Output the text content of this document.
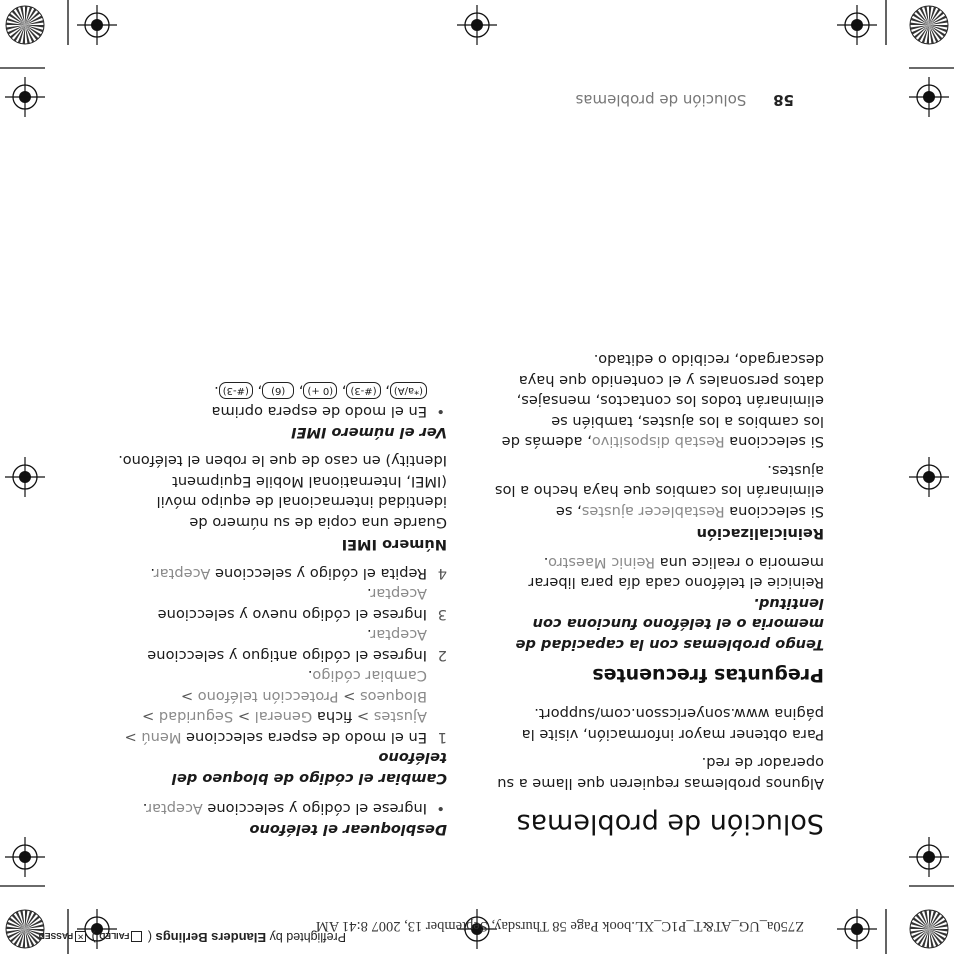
58 Solución de problemas
Solución de problemas

Algunos problemas requieren que llame a su operador de red.

Para obtener mayor información, visite la página www.sonyericsson.com/support.

Preguntas frecuentes

Tengo problemas con la capacidad de memoria o el teléfono funciona con lentitud.

Reinicie el teléfono cada día para liberar memoria o realice una Reinic Maestro.

Reinicialización

Si selecciona Restablecer ajustes, se eliminarán los cambios que haya hecho a los ajustes.

Si selecciona Restab dispositivo, además de los cambios a los ajustes, también se eliminarán todos los contactos, mensajes, datos personales y el contenido que haya descargado, recibido o editado.

Desbloquear el teléfono

• Ingrese el código y seleccione Aceptar.

Cambiar el código de bloqueo del teléfono

1
En el modo de espera seleccione Menú > Ajustes > ficha General > Seguridad > Bloqueos > Protección teléfono > Cambiar código.
2
Ingrese el código antiguo y seleccione Aceptar.
3
Ingrese el código nuevo y seleccione Aceptar.
4
Repita el código y seleccione Aceptar.
Número IMEI

Guarde una copia de su número de identidad internacional de equipo móvil (IMEI, International Mobile Equipment Identity) en caso de que le roben el teléfono.

Ver el número IMEI

• En el modo de espera oprima
(*a/A), (#-3), (0 +), (6), (#-3).
Z750a_UG_AT&T_P1C_XL.book Page 58 Thursday, September 13, 2007 8:41 AM
Preflighted by Elanders Berlings ( FAILED ) ✕PASSED
